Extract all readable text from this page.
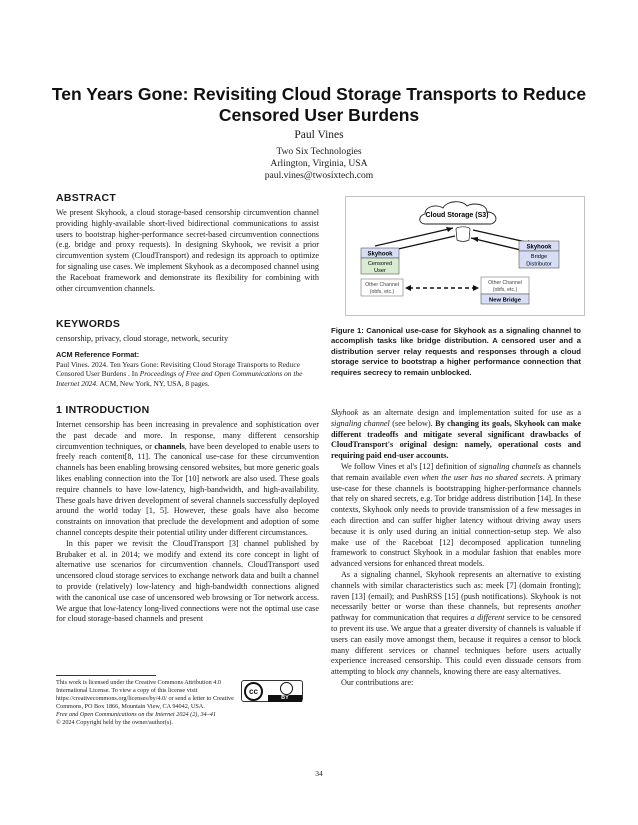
Ten Years Gone: Revisiting Cloud Storage Transports to Reduce Censored User Burdens
Paul Vines
Two Six Technologies
Arlington, Virginia, USA
paul.vines@twosixtech.com
ABSTRACT

We present Skyhook, a cloud storage-based censorship circumvention channel providing highly-available short-lived bidirectional communications to assist users to bootstrap higher-performance secret-based circumvention connections (e.g. bridge and proxy requests). In designing Skyhook, we revisit a prior circumvention system (CloudTransport) and redesign its approach to optimize for signaling use cases. We implement Skyhook as a decomposed channel using the Raceboat framework and demonstrate its flexibility for combining with other circumvention channels.

KEYWORDS

censorship, privacy, cloud storage, network, security

ACM Reference Format:

Paul Vines. 2024. Ten Years Gone: Revisiting Cloud Storage Transports to Reduce Censored User Burdens . In Proceedings of Free and Open Communications on the Internet 2024. ACM, New York, NY, USA, 8 pages.

1 INTRODUCTION

Internet censorship has been increasing in prevalence and sophistication over the past decade and more. In response, many different censorship circumvention techniques, or channels, have been developed to enable users to freely reach content[8, 11]. The canonical use-case for these circumvention channels has been enabling browsing censored websites, but more generic goals likes enabling connection into the Tor [10] network are also used. These goals require channels to have low-latency, high-bandwidth, and high-availability. These goals have driven development of several channels successfully deployed around the world today [1, 5]. However, these goals have also become constraints on innovation that preclude the development and adoption of some channel concepts despite their potential utility under different circumstances.

In this paper we revisit the CloudTransport [3] channel published by Brubaker et al. in 2014; we modify and extend its core concept in light of alternative use scenarios for circumvention channels. CloudTransport used uncensored cloud storage services to exchange network data and built a channel to provide (relatively) low-latency and high-bandwidth connections aligned with the canonical use case of uncensored web browsing or Tor network access. We argue that low-latency long-lived connections were not the optimal use case for cloud storage-based channels and present

This work is licensed under the Creative Commons Attribution 4.0 International License. To view a copy of this license visit https://creativecommons.org/licenses/by/4.0/ or send a letter to Creative Commons, PO Box 1866, Mountain View, CA 94042, USA.
Free and Open Communications on the Internet 2024 (2), 34–41
© 2024 Copyright held by the owner/author(s).
cc
BY
Cloud Storage (S3)
Skyhook
Censored
User
Skyhook
Bridge
Distributor
Other Channel
(obfs, etc.)
Other Channel
(obfs, etc.)
New Bridge

Figure 1: Canonical use-case for Skyhook as a signaling channel to accomplish tasks like bridge distribution. A censored user and a distribution server relay requests and responses through a cloud storage service to bootstrap a higher performance connection that requires secrecy to remain unblocked.

Skyhook as an alternate design and implementation suited for use as a signaling channel (see below). By changing its goals, Skyhook can make different tradeoffs and mitigate several significant drawbacks of CloudTransport's original design: namely, operational costs and requiring paid end-user accounts.

We follow Vines et al's [12] definition of signaling channels as channels that remain available even when the user has no shared secrets. A primary use-case for these channels is bootstrapping higher-performance channels that rely on shared secrets, e.g. Tor bridge address distribution [14]. In these contexts, Skyhook only needs to provide transmission of a few messages in each direction and can suffer higher latency without driving away users because it is only used during an initial connection-setup step. We also make use of the Raceboat [12] decomposed application tunneling framework to construct Skyhook in a modular fashion that enables more advanced versions for enhanced threat models.

As a signaling channel, Skyhook represents an alternative to existing channels with similar characteristics such as: meek [7] (domain fronting); raven [13] (email); and PushRSS [15] (push notifications). Skyhook is not necessarily better or worse than these channels, but represents another pathway for communication that requires a different service to be censored to prevent its use. We argue that a greater diversity of channels is valuable if users can easily move amongst them, because it requires a censor to block many different services or channel techniques before users actually experience increased censorship. This could even dissuade censors from attempting to block any channels, knowing there are easy alternatives.

Our contributions are:

34
